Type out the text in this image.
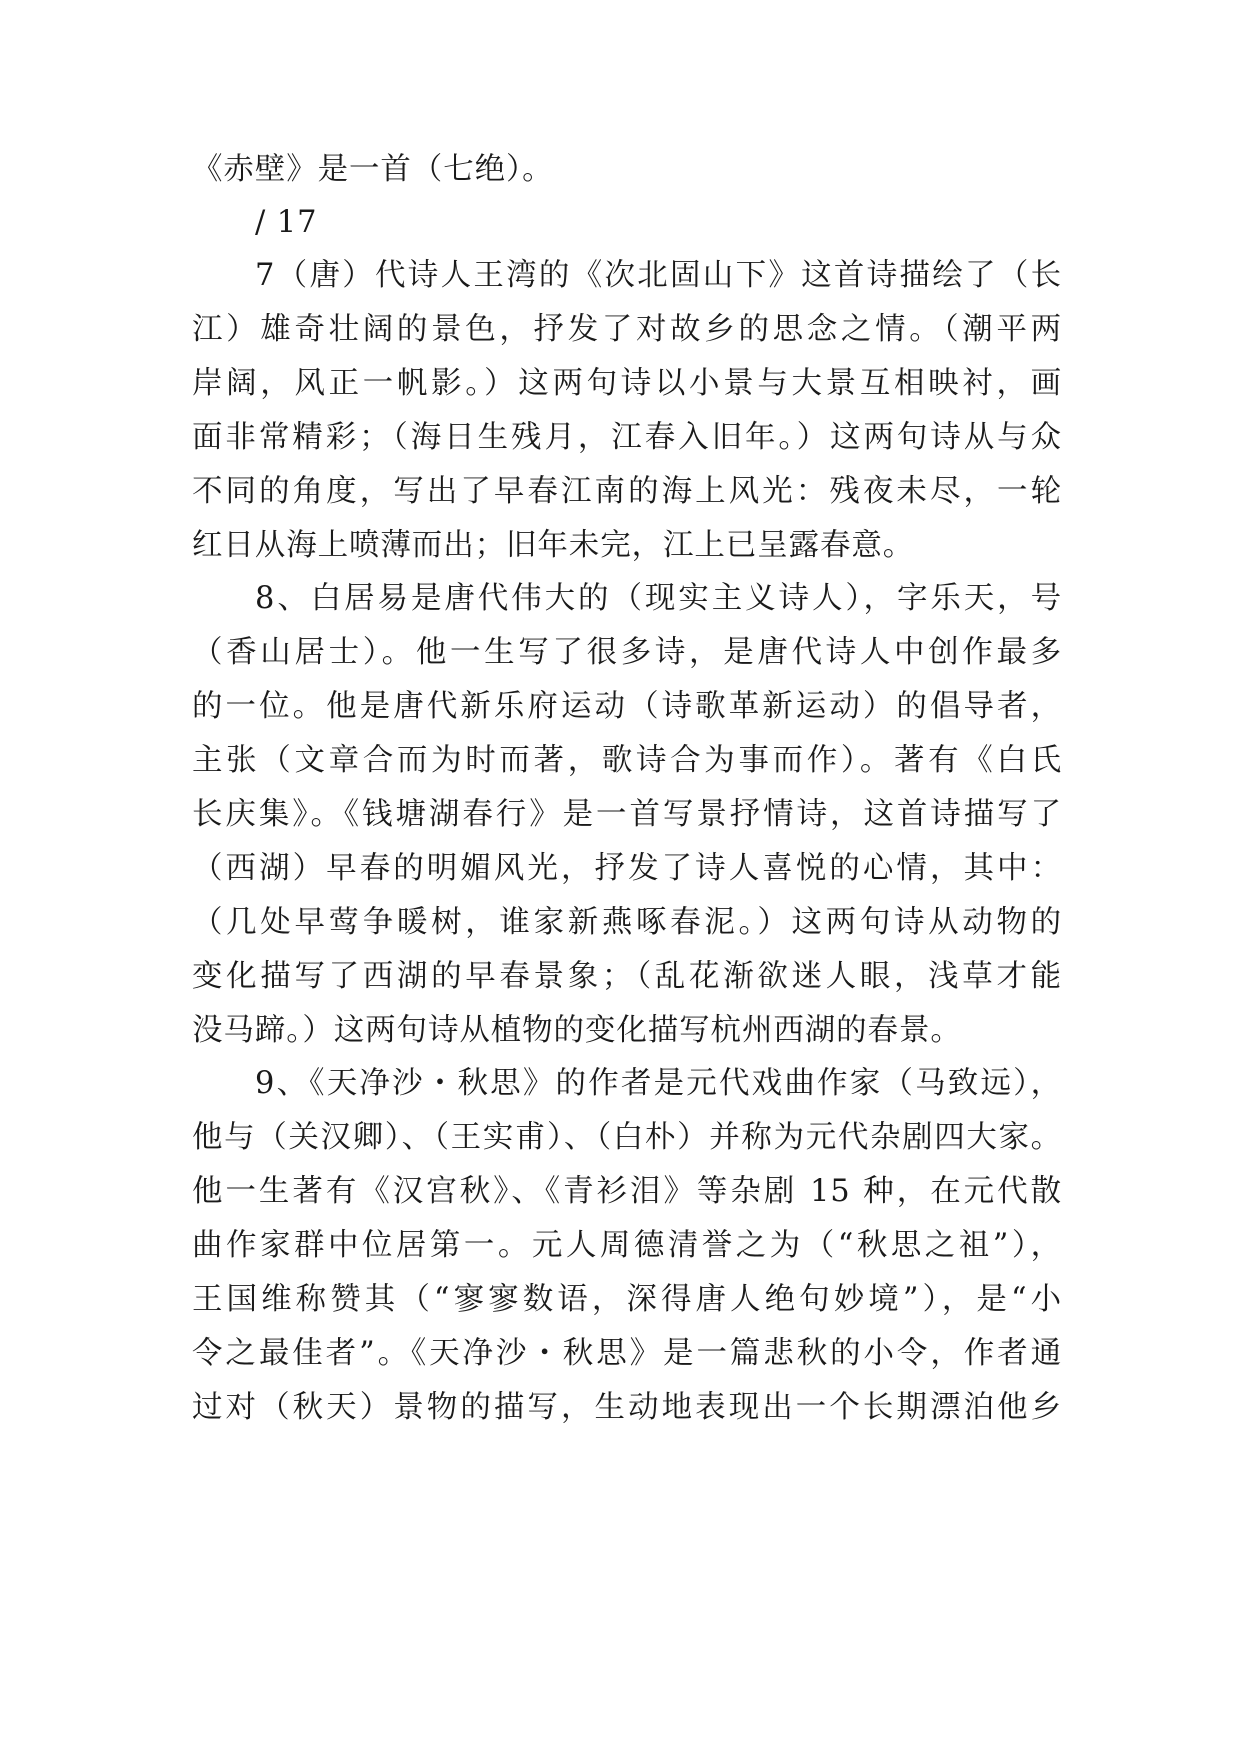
《赤壁》是一首（七绝）。
/ 17
7（唐）代诗人王湾的《次北固山下》这首诗描绘了（长
江）雄奇壮阔的景色，抒发了对故乡的思念之情。（潮平两
岸阔，风正一帆影。）这两句诗以小景与大景互相映衬，画
面非常精彩；（海日生残月，江春入旧年。）这两句诗从与众
不同的角度，写出了早春江南的海上风光：残夜未尽，一轮
红日从海上喷薄而出；旧年未完，江上已呈露春意。
8、白居易是唐代伟大的（现实主义诗人），字乐天，号
（香山居士）。他一生写了很多诗，是唐代诗人中创作最多
的一位。他是唐代新乐府运动（诗歌革新运动）的倡导者，
主张（文章合而为时而著，歌诗合为事而作）。著有《白氏
长庆集》。《钱塘湖春行》是一首写景抒情诗，这首诗描写了
（西湖）早春的明媚风光，抒发了诗人喜悦的心情，其中：
（几处早莺争暖树，谁家新燕啄春泥。）这两句诗从动物的
变化描写了西湖的早春景象；（乱花渐欲迷人眼，浅草才能
没马蹄。）这两句诗从植物的变化描写杭州西湖的春景。
9、《天净沙・秋思》的作者是元代戏曲作家（马致远），
他与（关汉卿）、（王实甫）、（白朴）并称为元代杂剧四大家。
他一生著有《汉宫秋》、《青衫泪》等杂剧 15 种，在元代散
曲作家群中位居第一。元人周德清誉之为（“秋思之祖”），
王国维称赞其（“寥寥数语，深得唐人绝句妙境”），是“小
令之最佳者”。《天净沙・秋思》是一篇悲秋的小令，作者通
过对（秋天）景物的描写，生动地表现出一个长期漂泊他乡
